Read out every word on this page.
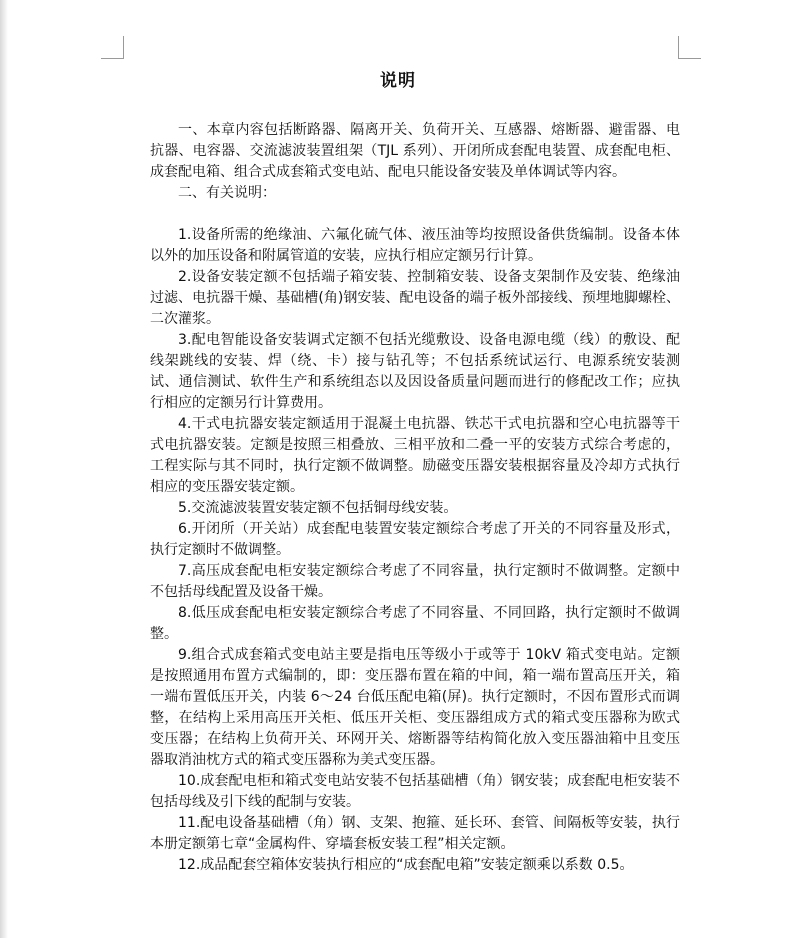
说明

一、本章内容包括断路器、隔离开关、负荷开关、互感器、熔断器、避雷器、电抗器、电容器、交流滤波装置组架（TJL 系列）、开闭所成套配电装置、成套配电柜、成套配电箱、组合式成套箱式变电站、配电只能设备安装及单体调试等内容。

二、有关说明：

1.设备所需的绝缘油、六氟化硫气体、液压油等均按照设备供货编制。设备本体以外的加压设备和附属管道的安装，应执行相应定额另行计算。

2.设备安装定额不包括端子箱安装、控制箱安装、设备支架制作及安装、绝缘油过滤、电抗器干燥、基础槽(角)钢安装、配电设备的端子板外部接线、预埋地脚螺栓、二次灌浆。

3.配电智能设备安装调式定额不包括光缆敷设、设备电源电缆（线）的敷设、配线架跳线的安装、焊（绕、卡）接与钻孔等；不包括系统试运行、电源系统安装测试、通信测试、软件生产和系统组态以及因设备质量问题而进行的修配改工作；应执行相应的定额另行计算费用。

4.干式电抗器安装定额适用于混凝土电抗器、铁芯干式电抗器和空心电抗器等干式电抗器安装。定额是按照三相叠放、三相平放和二叠一平的安装方式综合考虑的，工程实际与其不同时，执行定额不做调整。励磁变压器安装根据容量及冷却方式执行相应的变压器安装定额。

5.交流滤波装置安装定额不包括铜母线安装。

6.开闭所（开关站）成套配电装置安装定额综合考虑了开关的不同容量及形式，执行定额时不做调整。

7.高压成套配电柜安装定额综合考虑了不同容量，执行定额时不做调整。定额中不包括母线配置及设备干燥。

8.低压成套配电柜安装定额综合考虑了不同容量、不同回路，执行定额时不做调整。

9.组合式成套箱式变电站主要是指电压等级小于或等于 10kV 箱式变电站。定额是按照通用布置方式编制的，即：变压器布置在箱的中间，箱一端布置高压开关，箱一端布置低压开关，内装 6～24 台低压配电箱(屏)。执行定额时，不因布置形式而调整，在结构上采用高压开关柜、低压开关柜、变压器组成方式的箱式变压器称为欧式变压器；在结构上负荷开关、环网开关、熔断器等结构简化放入变压器油箱中且变压器取消油枕方式的箱式变压器称为美式变压器。

10.成套配电柜和箱式变电站安装不包括基础槽（角）钢安装；成套配电柜安装不包括母线及引下线的配制与安装。

11.配电设备基础槽（角）钢、支架、抱箍、延长环、套管、间隔板等安装，执行本册定额第七章“金属构件、穿墙套板安装工程”相关定额。

12.成品配套空箱体安装执行相应的“成套配电箱”安装定额乘以系数 0.5。
